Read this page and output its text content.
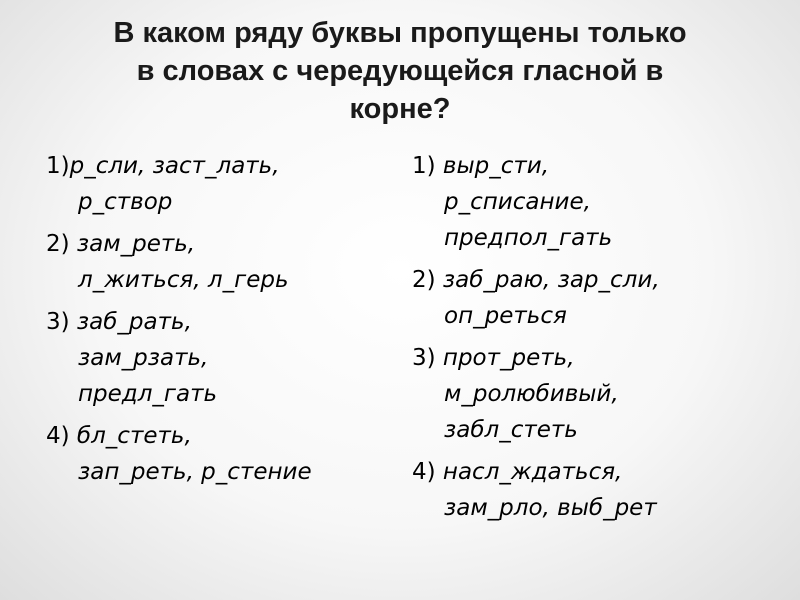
В каком ряду буквы пропущены только
в словах с чередующейся гласной в
корне?
1)р_сли, заст_лать,
р_створ
2) зам_реть,
л_житься, л_герь
3) заб_рать,
зам_рзать,
предл_гать
4) бл_стеть,
зап_реть, р_стение
1) выр_сти,
р_списание,
предпол_гать
2) заб_раю, зар_сли,
оп_реться
3) прот_реть,
м_ролюбивый,
забл_стеть
4) насл_ждаться,
зам_рло, выб_рет
